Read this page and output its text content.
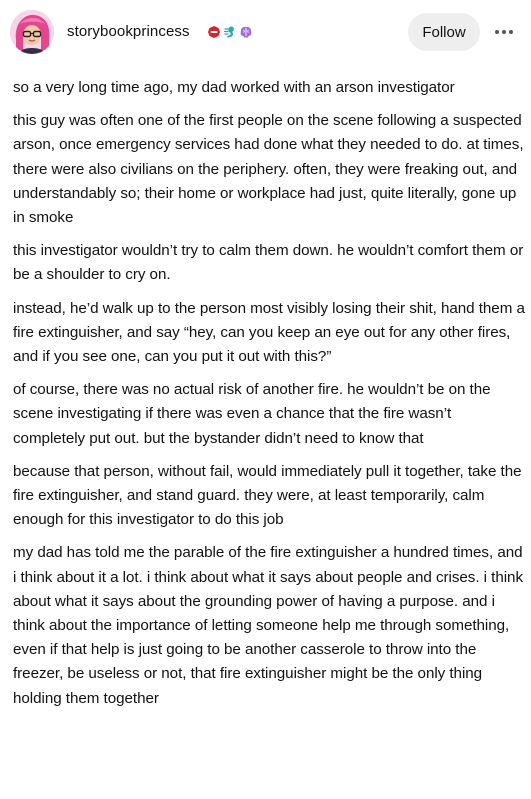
storybookprincess	Follow

so a very long time ago, my dad worked with an arson investigator

this guy was often one of the first people on the scene following a suspected arson, once emergency services had done what they needed to do. at times, there were also civilians on the periphery. often, they were freaking out, and understandably so; their home or workplace had just, quite literally, gone up in smoke

this investigator wouldn’t try to calm them down. he wouldn’t comfort them or be a shoulder to cry on.

instead, he’d walk up to the person most visibly losing their shit, hand them a fire extinguisher, and say “hey, can you keep an eye out for any other fires, and if you see one, can you put it out with this?”

of course, there was no actual risk of another fire. he wouldn’t be on the scene investigating if there was even a chance that the fire wasn’t completely put out. but the bystander didn’t need to know that

because that person, without fail, would immediately pull it together, take the fire extinguisher, and stand guard. they were, at least temporarily, calm enough for this investigator to do this job

my dad has told me the parable of the fire extinguisher a hundred times, and i think about it a lot. i think about what it says about people and crises. i think about what it says about the grounding power of having a purpose. and i think about the importance of letting someone help me through something, even if that help is just going to be another casserole to throw into the freezer, be useless or not, that fire extinguisher might be the only thing holding them together
